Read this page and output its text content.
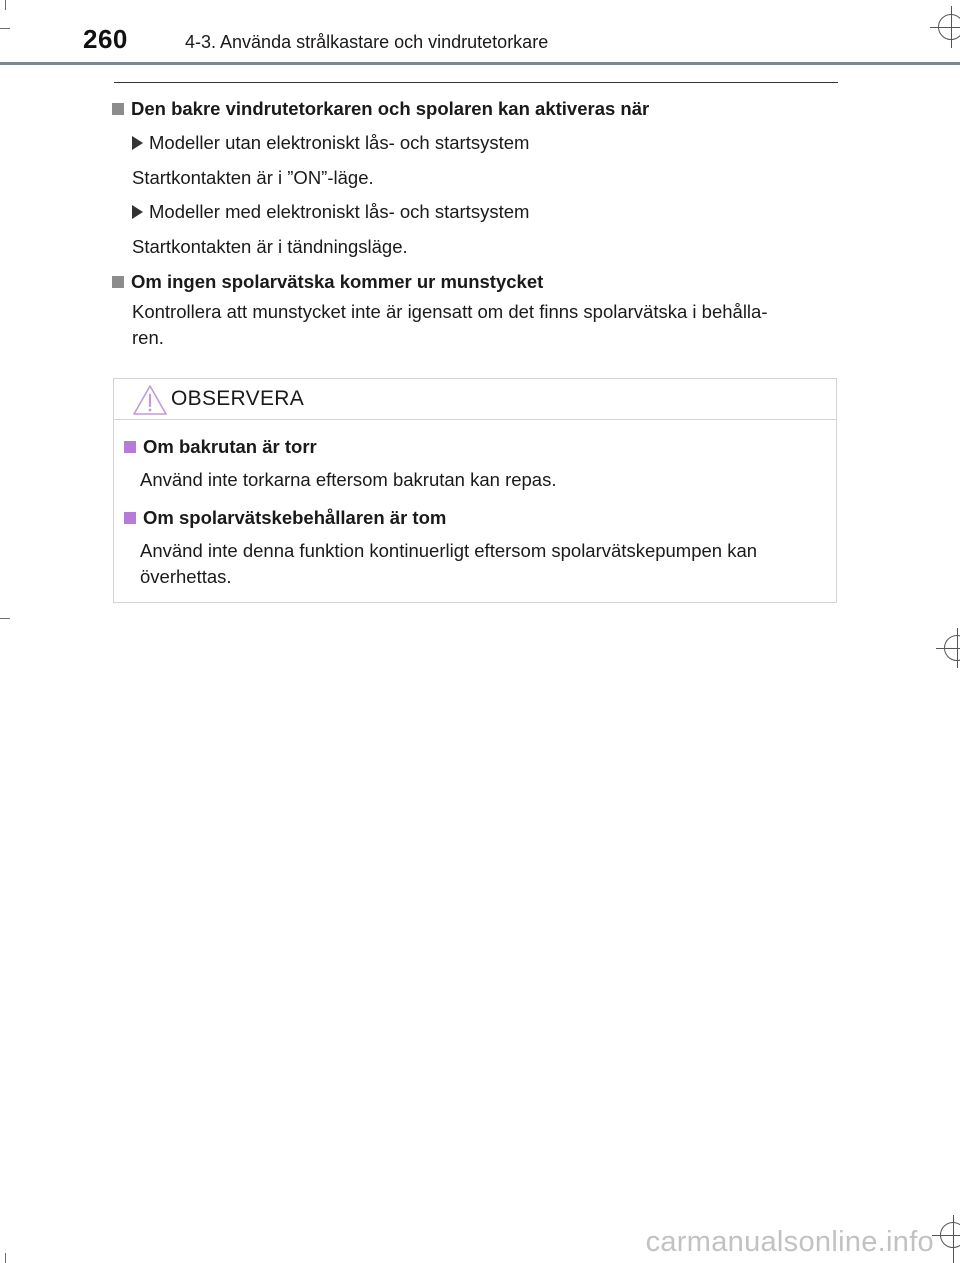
260	4-3. Använda strålkastare och vindrutetorkare
Den bakre vindrutetorkaren och spolaren kan aktiveras när
Modeller utan elektroniskt lås- och startsystem
Startkontakten är i ”ON”-läge.
Modeller med elektroniskt lås- och startsystem
Startkontakten är i tändningsläge.
Om ingen spolarvätska kommer ur munstycket
Kontrollera att munstycket inte är igensatt om det finns spolarvätska i behålla-
ren.
OBSERVERA
Om bakrutan är torr
Använd inte torkarna eftersom bakrutan kan repas.
Om spolarvätskebehållaren är tom
Använd inte denna funktion kontinuerligt eftersom spolarvätskepumpen kan
överhettas.
carmanualsonline.info
